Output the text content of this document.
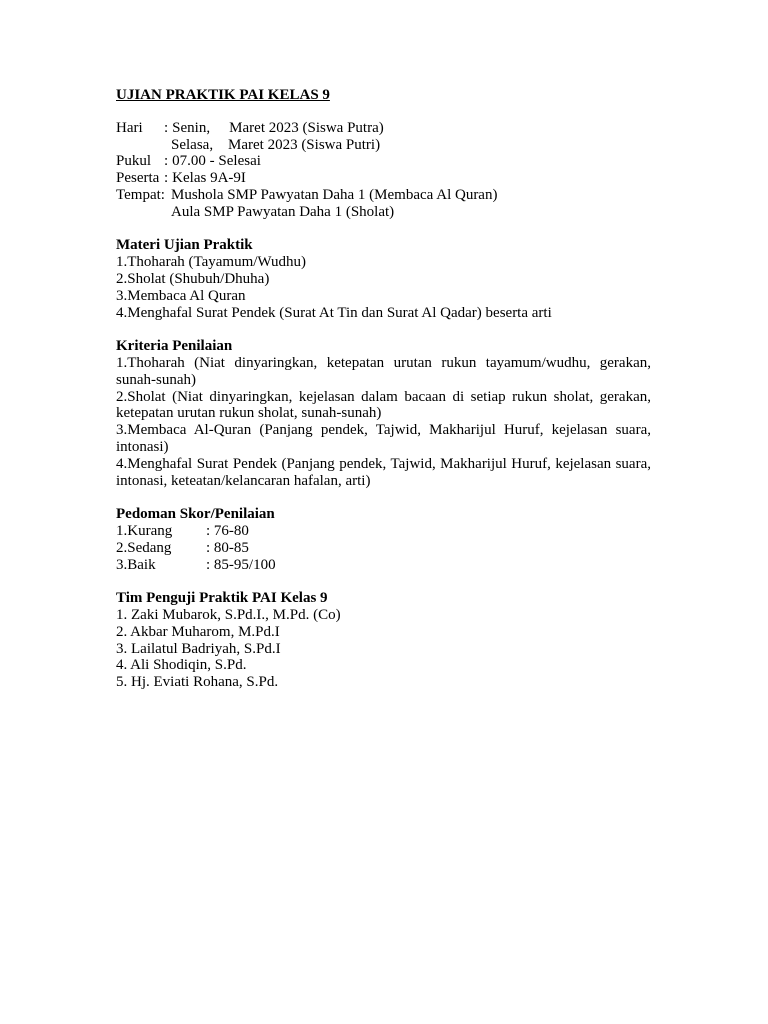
UJIAN PRAKTIK PAI KELAS 9
Hari	: Senin,	Maret 2023 (Siswa Putra)
Selasa, Maret 2023 (Siswa Putri)
Pukul : 07.00 - Selesai
Peserta : Kelas 9A-9I
Tempat: Mushola SMP Pawyatan Daha 1 (Membaca Al Quran)
Aula SMP Pawyatan Daha 1 (Sholat)
Materi Ujian Praktik
1.Thoharah (Tayamum/Wudhu)
2.Sholat (Shubuh/Dhuha)
3.Membaca Al Quran
4.Menghafal Surat Pendek (Surat At Tin dan Surat Al Qadar) beserta arti
Kriteria Penilaian
1.Thoharah (Niat dinyaringkan, ketepatan urutan rukun tayamum/wudhu, gerakan, sunah-sunah)
2.Sholat (Niat dinyaringkan, kejelasan dalam bacaan di setiap rukun sholat, gerakan, ketepatan urutan rukun sholat, sunah-sunah)
3.Membaca Al-Quran (Panjang pendek, Tajwid, Makharijul Huruf, kejelasan suara, intonasi)
4.Menghafal Surat Pendek (Panjang pendek, Tajwid, Makharijul Huruf, kejelasan suara, intonasi, keteatan/kelancaran hafalan, arti)
Pedoman Skor/Penilaian
1.Kurang	: 76-80
2.Sedang	: 80-85
3.Baik	: 85-95/100
Tim Penguji Praktik PAI Kelas 9
1. Zaki Mubarok, S.Pd.I., M.Pd. (Co)
2. Akbar Muharom, M.Pd.I
3. Lailatul Badriyah, S.Pd.I
4. Ali Shodiqin, S.Pd.
5. Hj. Eviati Rohana, S.Pd.
